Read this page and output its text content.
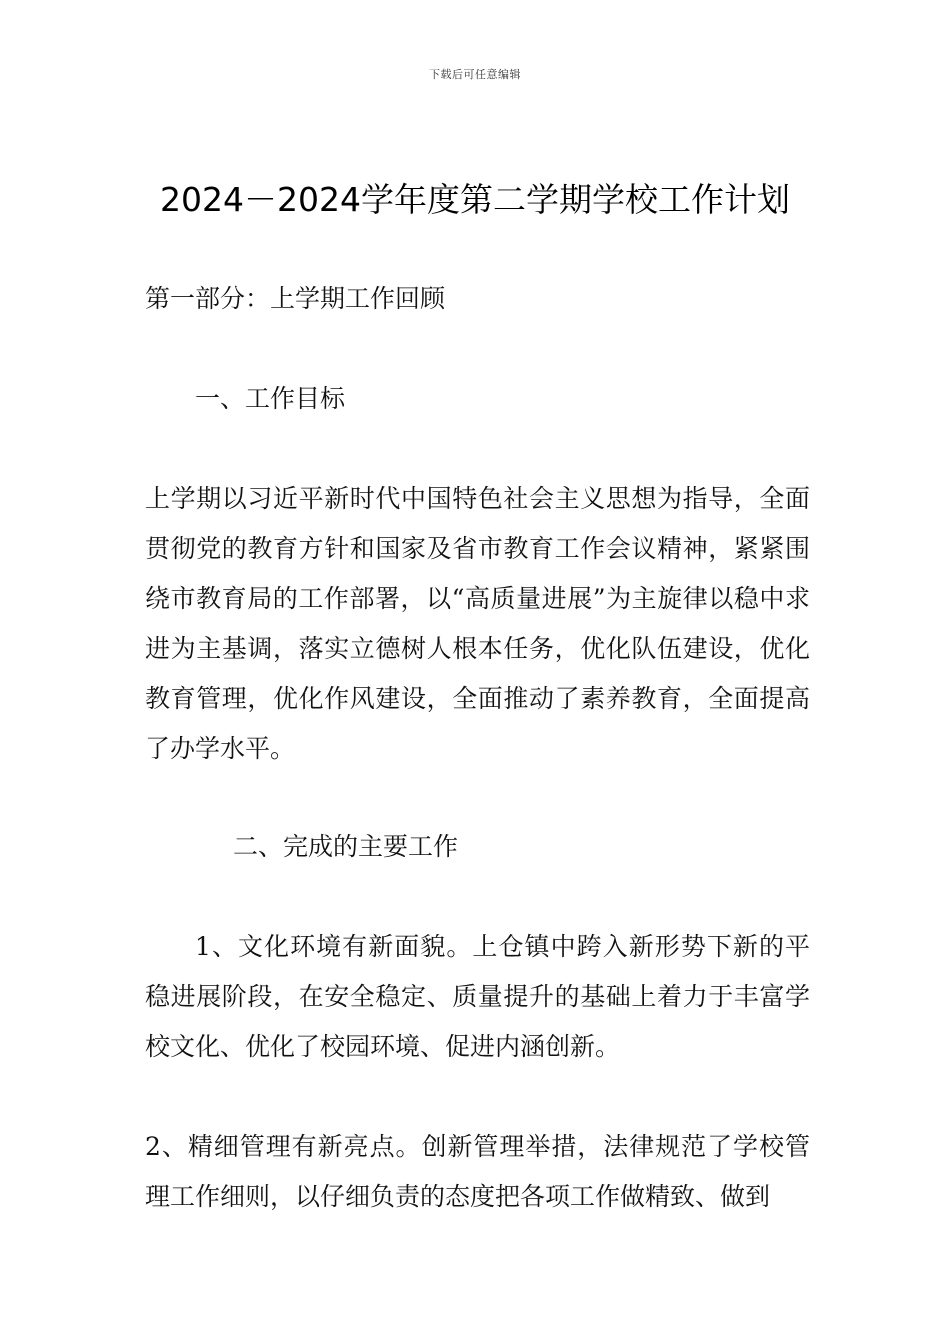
下载后可任意编辑
2024－2024学年度第二学期学校工作计划

第一部分：上学期工作回顾

一、工作目标

上学期以习近平新时代中国特色社会主义思想为指导，全面贯彻党的教育方针和国家及省市教育工作会议精神，紧紧围绕市教育局的工作部署，以“高质量进展”为主旋律以稳中求进为主基调，落实立德树人根本任务，优化队伍建设，优化教育管理，优化作风建设，全面推动了素养教育，全面提高了办学水平。

二、完成的主要工作

1、文化环境有新面貌。上仓镇中跨入新形势下新的平稳进展阶段，在安全稳定、质量提升的基础上着力于丰富学校文化、优化了校园环境、促进内涵创新。

2、精细管理有新亮点。创新管理举措，法律规范了学校管理工作细则，以仔细负责的态度把各项工作做精致、做到
